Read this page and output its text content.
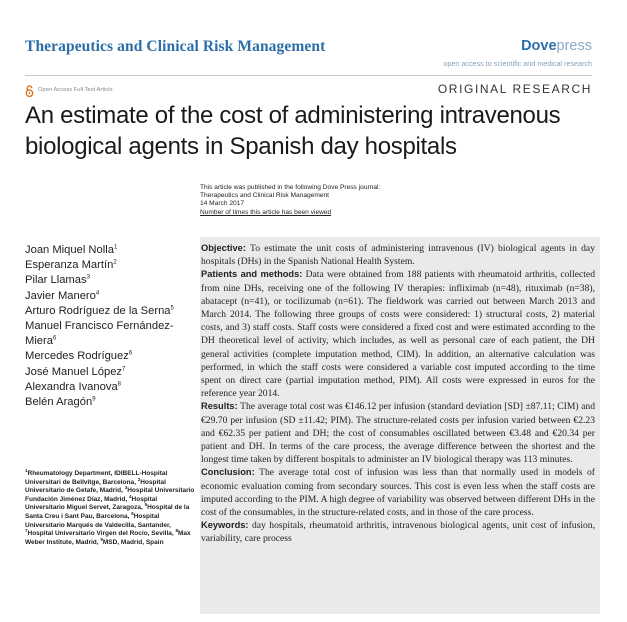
Therapeutics and Clinical Risk Management	Dovepress
open access to scientific and medical research
Open Access Full Text Article	ORIGINAL RESEARCH
An estimate of the cost of administering intravenous biological agents in Spanish day hospitals
This article was published in the following Dove Press journal:
Therapeutics and Clinical Risk Management
14 March 2017
Number of times this article has been viewed
Joan Miquel Nolla$^1$
Esperanza Martín$^2$
Pilar Llamas$^3$
Javier Manero$^4$
Arturo Rodríguez de la Serna$^5$
Manuel Francisco Fernández-Miera$^6$
Mercedes Rodríguez$^6$
José Manuel López$^7$
Alexandra Ivanova$^8$
Belén Aragón$^9$
$^1$Rheumatology Department, IDIBELL-Hospital Universitari de Bellvitge, Barcelona, $^2$Hospital Universitario de Getafe, Madrid, $^3$Hospital Universitario Fundación Jiménez Díaz, Madrid, $^4$Hospital Universitario Miguel Servet, Zaragoza, $^5$Hospital de la Santa Creu i Sant Pau, Barcelona, $^6$Hospital Universitario Marqués de Valdecilla, Santander, $^7$Hospital Universitario Virgen del Rocío, Sevilla, $^8$Max Weber Institute, Madrid, $^9$MSD, Madrid, Spain

Objective: To estimate the unit costs of administering intravenous (IV) biological agents in day hospitals (DHs) in the Spanish National Health System.

Patients and methods: Data were obtained from 188 patients with rheumatoid arthritis, collected from nine DHs, receiving one of the following IV therapies: infliximab (n=48), rituximab (n=38), abatacept (n=41), or tocilizumab (n=61). The fieldwork was carried out between March 2013 and March 2014. The following three groups of costs were considered: 1) structural costs, 2) material costs, and 3) staff costs. Staff costs were considered a fixed cost and were estimated according to the DH theoretical level of activity, which includes, as well as personal care of each patient, the DH general activities (complete imputation method, CIM). In addition, an alternative calculation was performed, in which the staff costs were considered a variable cost imputed according to the time spent on direct care (partial imputation method, PIM). All costs were expressed in euros for the reference year 2014.

Results: The average total cost was €146.12 per infusion (standard deviation [SD] ±87.11; CIM) and €29.70 per infusion (SD ±11.42; PIM). The structure-related costs per infusion varied between €2.23 and €62.35 per patient and DH; the cost of consumables oscillated between €3.48 and €20.34 per patient and DH. In terms of the care process, the average difference between the shortest and the longest time taken by different hospitals to administer an IV biological therapy was 113 minutes.

Conclusion: The average total cost of infusion was less than that normally used in models of economic evaluation coming from secondary sources. This cost is even less when the staff costs are imputed according to the PIM. A high degree of variability was observed between different DHs in the cost of the consumables, in the structure-related costs, and in those of the care process.

Keywords: day hospitals, rheumatoid arthritis, intravenous biological agents, unit cost of infusion, variability, care process
